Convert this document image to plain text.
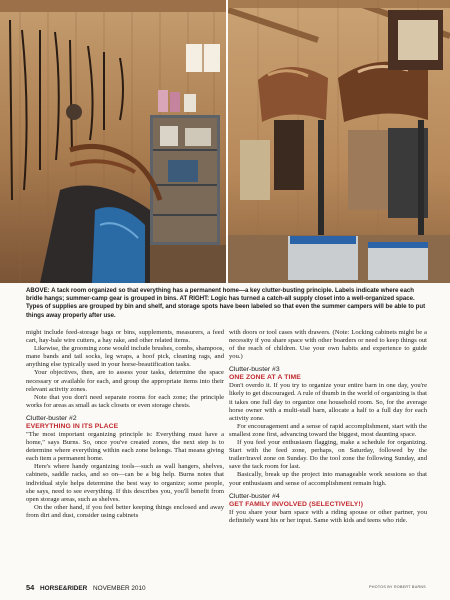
ABOVE: A tack room organized so that everything has a permanent home—a key clutter-busting principle. Labels indicate where each bridle hangs; summer-camp gear is grouped in bins. AT RIGHT: Logic has turned a catch-all supply closet into a well-organized space. Types of supplies are grouped by bin and shelf, and storage spots have been labeled so that even the summer campers will be able to put things away properly after use.

might include feed-storage bags or bins, supplements, measurers, a feed cart, hay-bale wire cutters, a hay rake, and other related items.

Likewise, the grooming zone would include brushes, combs, shampoos, mane bands and tail socks, leg wraps, a hoof pick, cleaning rags, and anything else typically used in your horse-beautification tasks.

Your objectives, then, are to assess your tasks, determine the space necessary or available for each, and group the appropriate items into their relevant activity zones.

Note that you don't need separate rooms for each zone; the principle works for areas as small as tack closets or even storage chests.

Clutter-buster #2
EVERYTHING IN ITS PLACE

"The most important organizing principle is: Everything must have a home," says Burns. So, once you've created zones, the next step is to determine where everything within each zone belongs. That means giving each item a permanent home.

Here's where handy organizing tools—such as wall hangers, shelves, cabinets, saddle racks, and so on—can be a big help. Burns notes that individual style helps determine the best way to organize; some people, she says, need to see everything. If this describes you, you'll benefit from open storage areas, such as shelves.

On the other hand, if you feel better keeping things enclosed and away from dirt and dust, consider using cabinets

with doors or tool cases with drawers. (Note: Locking cabinets might be a necessity if you share space with other boarders or need to keep things out of the reach of children. Use your own habits and experience to guide you.)

Clutter-buster #3
ONE ZONE AT A TIME

Don't overdo it. If you try to organize your entire barn in one day, you're likely to get discouraged. A rule of thumb in the world of organizing is that it takes one full day to organize one household room. So, for the average horse owner with a multi-stall barn, allocate a half to a full day for each activity zone.

For encouragement and a sense of rapid accomplishment, start with the smallest zone first, advancing toward the biggest, most daunting space.

If you feel your enthusiasm flagging, make a schedule for organizing. Start with the feed zone, perhaps, on Saturday, followed by the trailer/travel zone on Sunday. Do the tool zone the following Sunday, and save the tack room for last.

Basically, break up the project into manageable work sessions so that your enthusiasm and sense of accomplishment remain high.

Clutter-buster #4
GET FAMILY INVOLVED (SELECTIVELY!)

If you share your barn space with a riding spouse or other partner, you definitely want his or her input. Same with kids and teens who ride.

54 HORSE&RIDER NOVEMBER 2010	PHOTOS BY ROBERT BURNS
